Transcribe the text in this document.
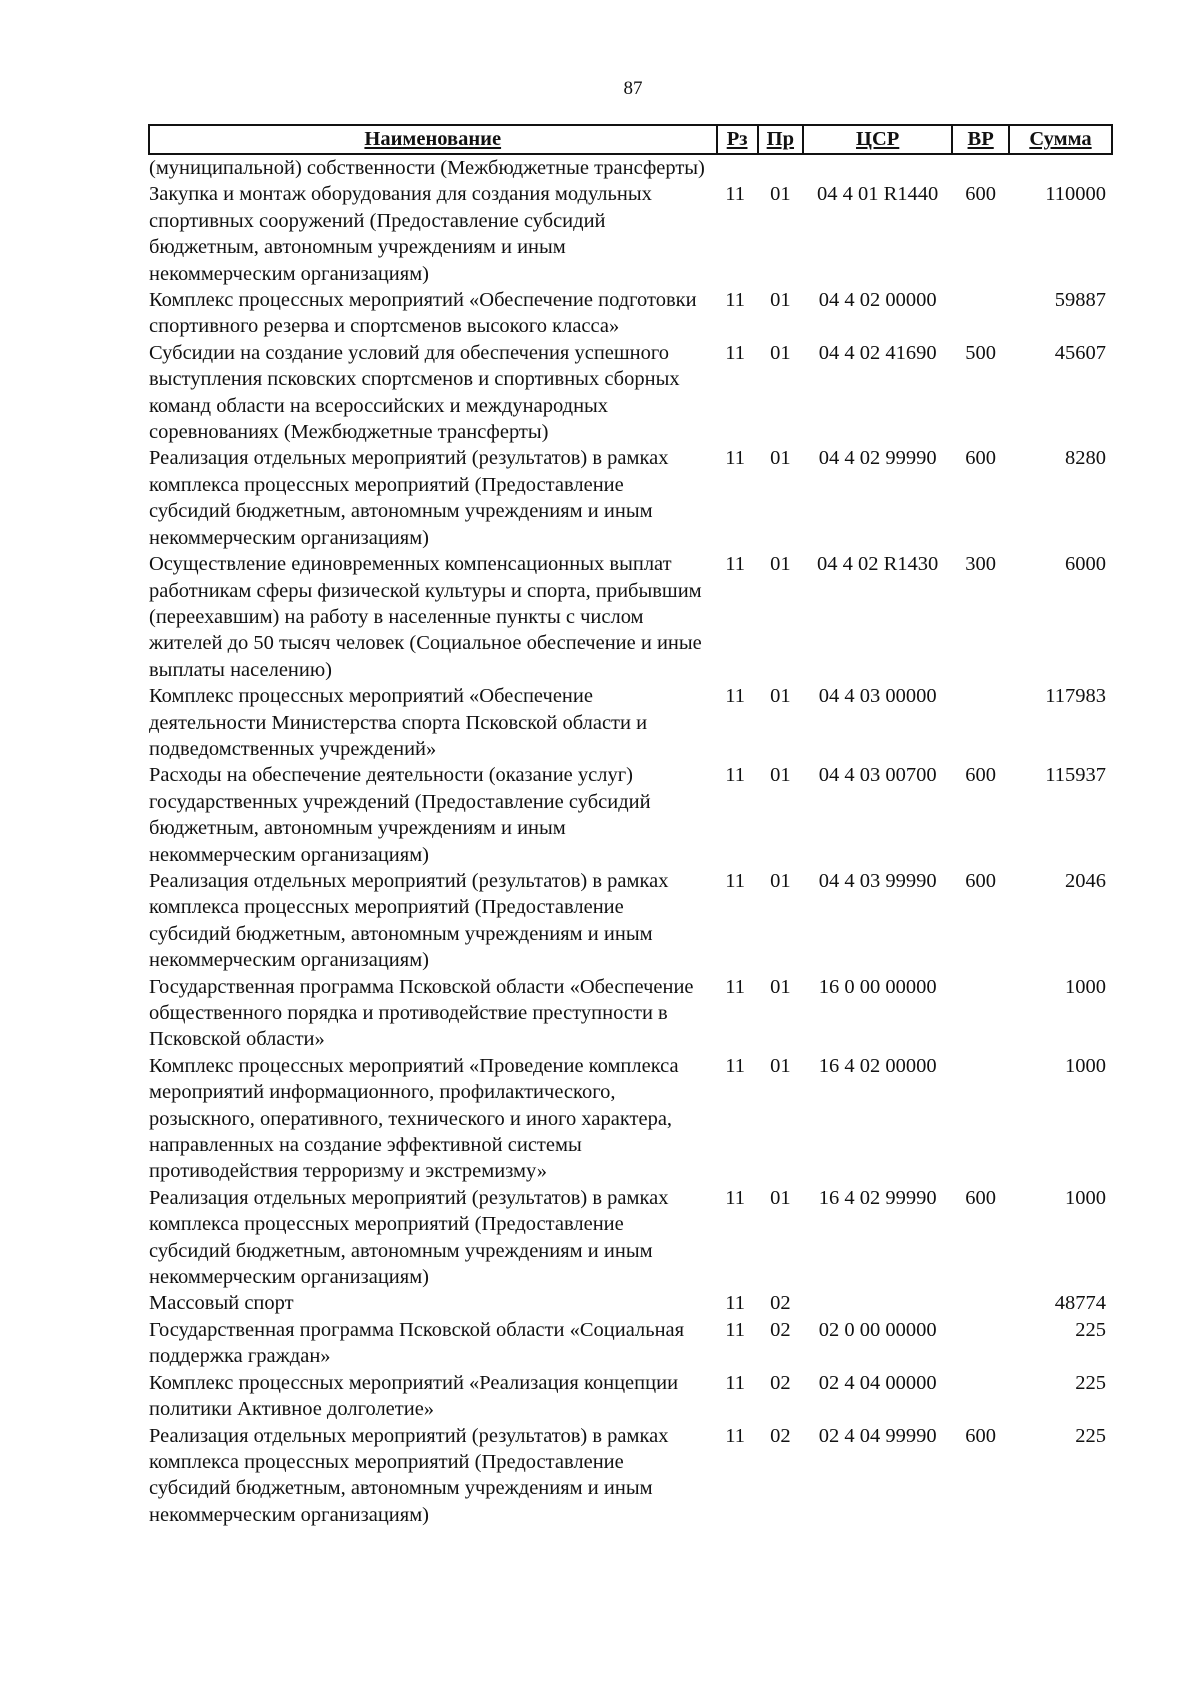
87
Наименование	Рз	Пр	ЦСР	ВР	Сумма
(муниципальной) собственности (Межбюджетные трансферты)					
Закупка и монтаж оборудования для создания модульных спортивных сооружений (Предоставление субсидий бюджетным, автономным учреждениям и иным некоммерческим организациям)	11	01	04 4 01 R1440	600	110000
Комплекс процессных мероприятий «Обеспечение подготовки спортивного резерва и спортсменов высокого класса»	11	01	04 4 02 00000		59887
Субсидии на создание условий для обеспечения успешного выступления псковских спортсменов и спортивных сборных команд области на всероссийских и международных соревнованиях (Межбюджетные трансферты)	11	01	04 4 02 41690	500	45607
Реализация отдельных мероприятий (результатов) в рамках комплекса процессных мероприятий (Предоставление субсидий бюджетным, автономным учреждениям и иным некоммерческим организациям)	11	01	04 4 02 99990	600	8280
Осуществление единовременных компенсационных выплат работникам сферы физической культуры и спорта, прибывшим (переехавшим) на работу в населенные пункты с числом жителей до 50 тысяч человек (Социальное обеспечение и иные выплаты населению)	11	01	04 4 02 R1430	300	6000
Комплекс процессных мероприятий «Обеспечение деятельности Министерства спорта Псковской области и подведомственных учреждений»	11	01	04 4 03 00000		117983
Расходы на обеспечение деятельности (оказание услуг) государственных учреждений (Предоставление субсидий бюджетным, автономным учреждениям и иным некоммерческим организациям)	11	01	04 4 03 00700	600	115937
Реализация отдельных мероприятий (результатов) в рамках комплекса процессных мероприятий (Предоставление субсидий бюджетным, автономным учреждениям и иным некоммерческим организациям)	11	01	04 4 03 99990	600	2046
Государственная программа Псковской области «Обеспечение общественного порядка и противодействие преступности в Псковской области»	11	01	16 0 00 00000		1000
Комплекс процессных мероприятий «Проведение комплекса мероприятий информационного, профилактического, розыскного, оперативного, технического и иного характера, направленных на создание эффективной системы противодействия терроризму и экстремизму»	11	01	16 4 02 00000		1000
Реализация отдельных мероприятий (результатов) в рамках комплекса процессных мероприятий (Предоставление субсидий бюджетным, автономным учреждениям и иным некоммерческим организациям)	11	01	16 4 02 99990	600	1000
Массовый спорт	11	02			48774
Государственная программа Псковской области «Социальная поддержка граждан»	11	02	02 0 00 00000		225
Комплекс процессных мероприятий «Реализация концепции политики Активное долголетие»	11	02	02 4 04 00000		225
Реализация отдельных мероприятий (результатов) в рамках комплекса процессных мероприятий (Предоставление субсидий бюджетным, автономным учреждениям и иным некоммерческим организациям)	11	02	02 4 04 99990	600	225
